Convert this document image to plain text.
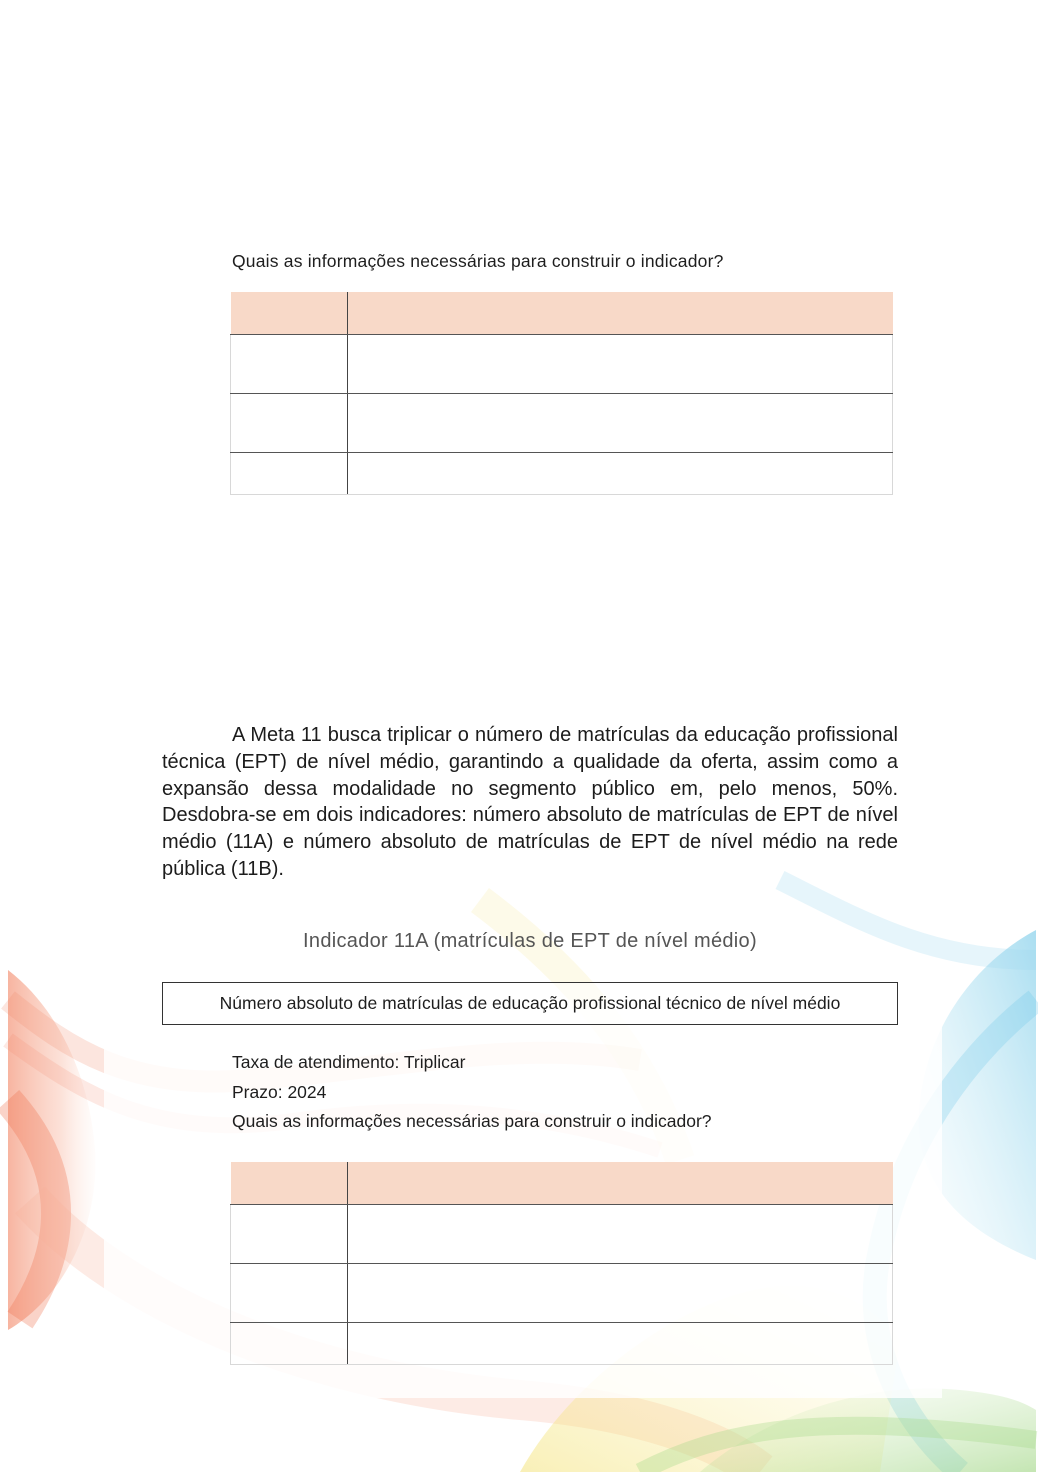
Quais as informações necessárias para construir o indicador?

A Meta 11 busca triplicar o número de matrículas da educação profissional técnica (EPT) de nível médio, garantindo a qualidade da oferta, assim como a expansão dessa modalidade no segmento público em, pelo menos, 50%. Desdobra-se em dois indicadores: número absoluto de matrículas de EPT de nível médio (11A) e número absoluto de matrículas de EPT de nível médio na rede pública (11B).

Indicador 11A (matrículas de EPT de nível médio)
Número absoluto de matrículas de educação profissional técnico de nível médio

Taxa de atendimento: Triplicar

Prazo: 2024

Quais as informações necessárias para construir o indicador?
